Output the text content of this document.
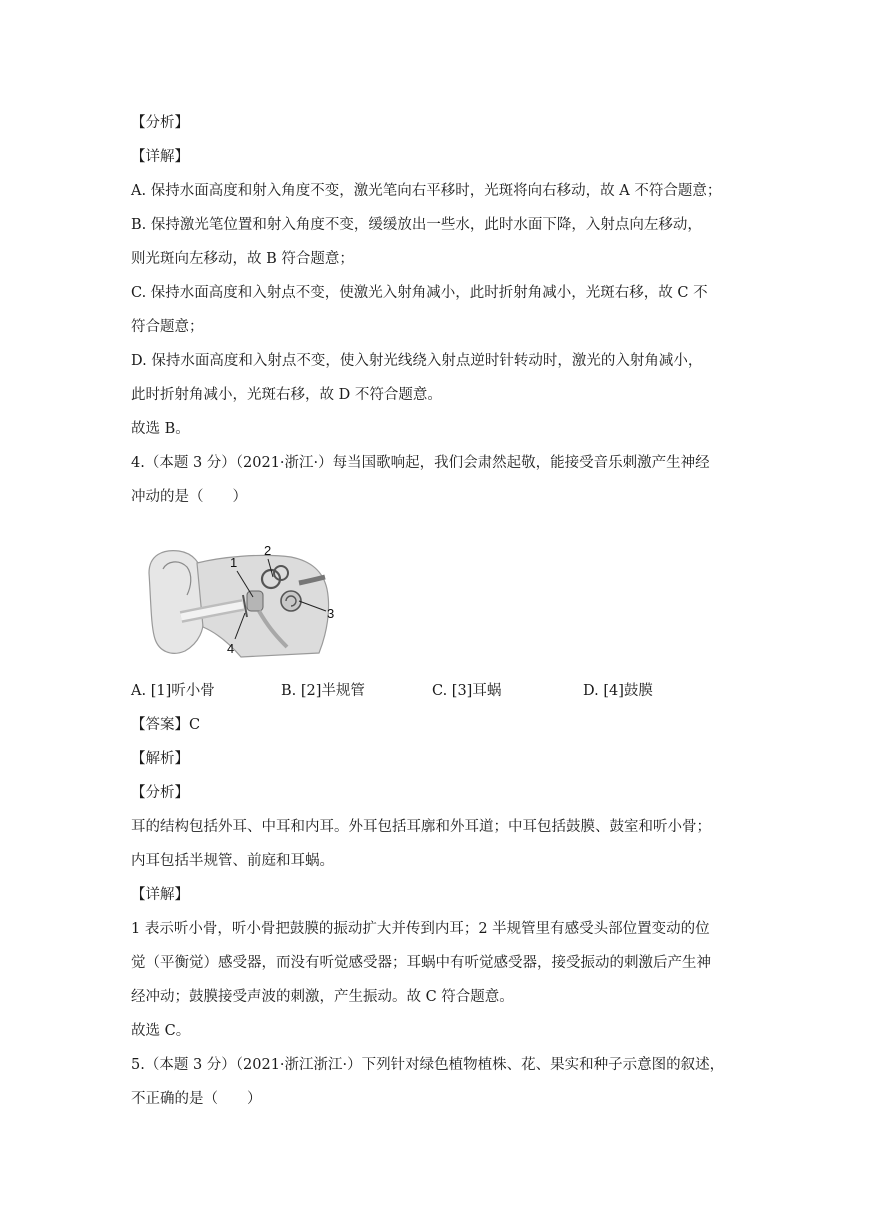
【分析】
【详解】
A. 保持水面高度和射入角度不变，激光笔向右平移时，光斑将向右移动，故 A 不符合题意；
B. 保持激光笔位置和射入角度不变，缓缓放出一些水，此时水面下降，入射点向左移动，
则光斑向左移动，故 B 符合题意；
C. 保持水面高度和入射点不变，使激光入射角减小，此时折射角减小，光斑右移，故 C 不
符合题意；
D. 保持水面高度和入射点不变，使入射光线绕入射点逆时针转动时，激光的入射角减小，
此时折射角减小，光斑右移，故 D 不符合题意。
故选 B。
4.（本题 3 分）（2021·浙江·）每当国歌响起，我们会肃然起敬，能接受音乐刺激产生神经
冲动的是（　　）
1
2
3
4
A. [1]听小骨	B. [2]半规管	C. [3]耳蜗	D. [4]鼓膜
【答案】C
【解析】
【分析】
耳的结构包括外耳、中耳和内耳。外耳包括耳廓和外耳道；中耳包括鼓膜、鼓室和听小骨；
内耳包括半规管、前庭和耳蜗。
【详解】
1 表示听小骨，听小骨把鼓膜的振动扩大并传到内耳；2 半规管里有感受头部位置变动的位
觉（平衡觉）感受器，而没有听觉感受器；耳蜗中有听觉感受器，接受振动的刺激后产生神
经冲动；鼓膜接受声波的刺激，产生振动。故 C 符合题意。
故选 C。
5.（本题 3 分）（2021·浙江浙江·）下列针对绿色植物植株、花、果实和种子示意图的叙述，
不正确的是（　　）
